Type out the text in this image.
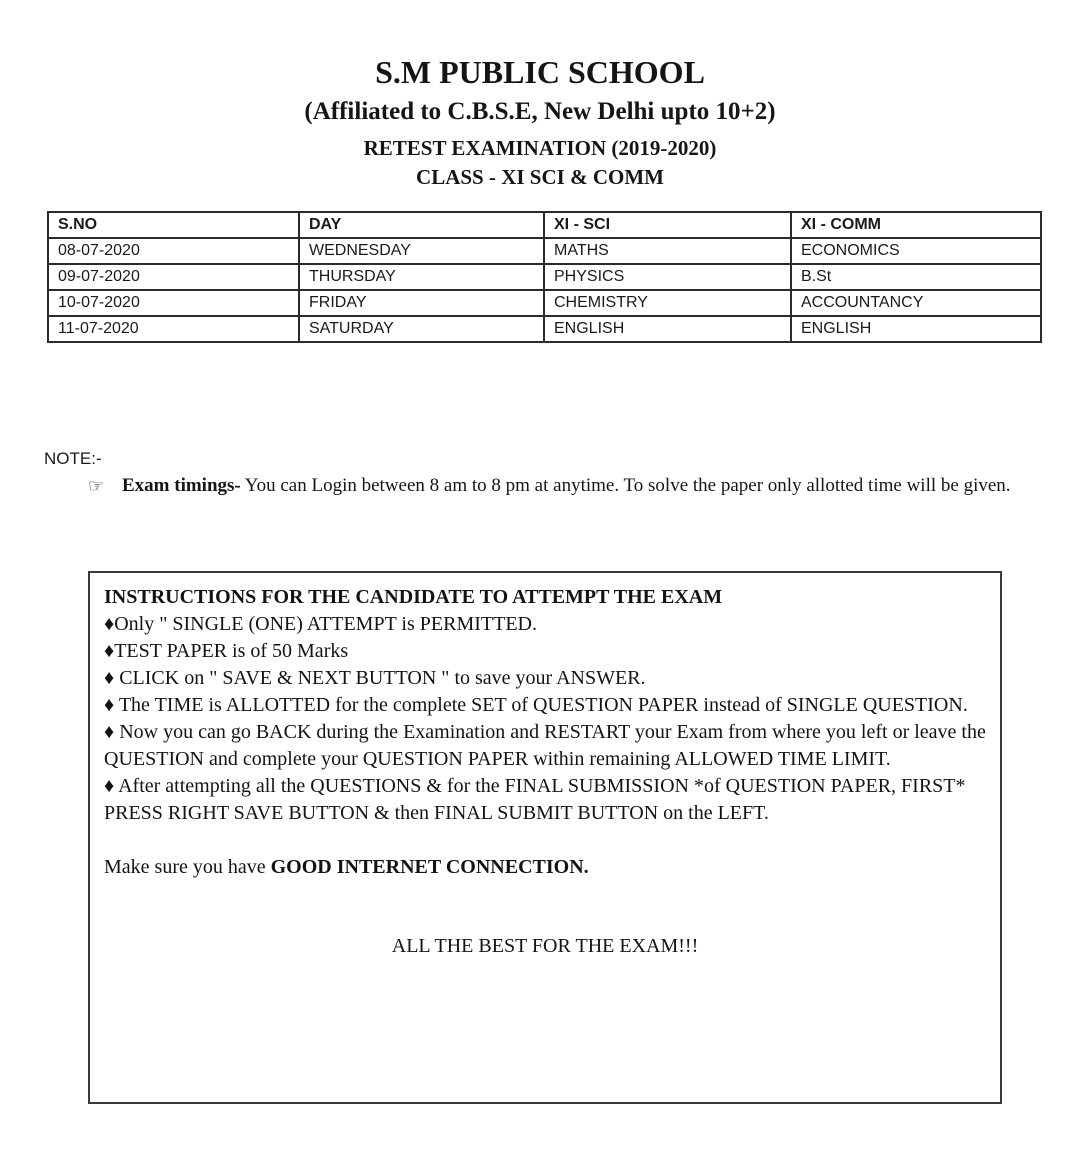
S.M PUBLIC SCHOOL
(Affiliated to C.B.S.E, New Delhi upto 10+2)
RETEST EXAMINATION (2019-2020)
CLASS - XI SCI & COMM
S.NO	DAY	XI - SCI	XI - COMM
08-07-2020	WEDNESDAY	MATHS	ECONOMICS
09-07-2020	THURSDAY	PHYSICS	B.St
10-07-2020	FRIDAY	CHEMISTRY	ACCOUNTANCY
11-07-2020	SATURDAY	ENGLISH	ENGLISH
NOTE:-
☞ Exam timings- You can Login between 8 am to 8 pm at anytime. To solve the paper only allotted time will be given.
INSTRUCTIONS FOR THE CANDIDATE TO ATTEMPT THE EXAM
♦Only " SINGLE (ONE) ATTEMPT is PERMITTED.
♦TEST PAPER is of 50 Marks
♦ CLICK on " SAVE & NEXT BUTTON " to save your ANSWER.
♦ The TIME is ALLOTTED for the complete SET of QUESTION PAPER instead of SINGLE QUESTION.
♦ Now you can go BACK during the Examination and RESTART your Exam from where you left or leave the QUESTION and complete your QUESTION PAPER within remaining ALLOWED TIME LIMIT.
♦ After attempting all the QUESTIONS & for the FINAL SUBMISSION *of QUESTION PAPER, FIRST* PRESS RIGHT SAVE BUTTON & then FINAL SUBMIT BUTTON on the LEFT.
Make sure you have GOOD INTERNET CONNECTION.
ALL THE BEST FOR THE EXAM!!!
